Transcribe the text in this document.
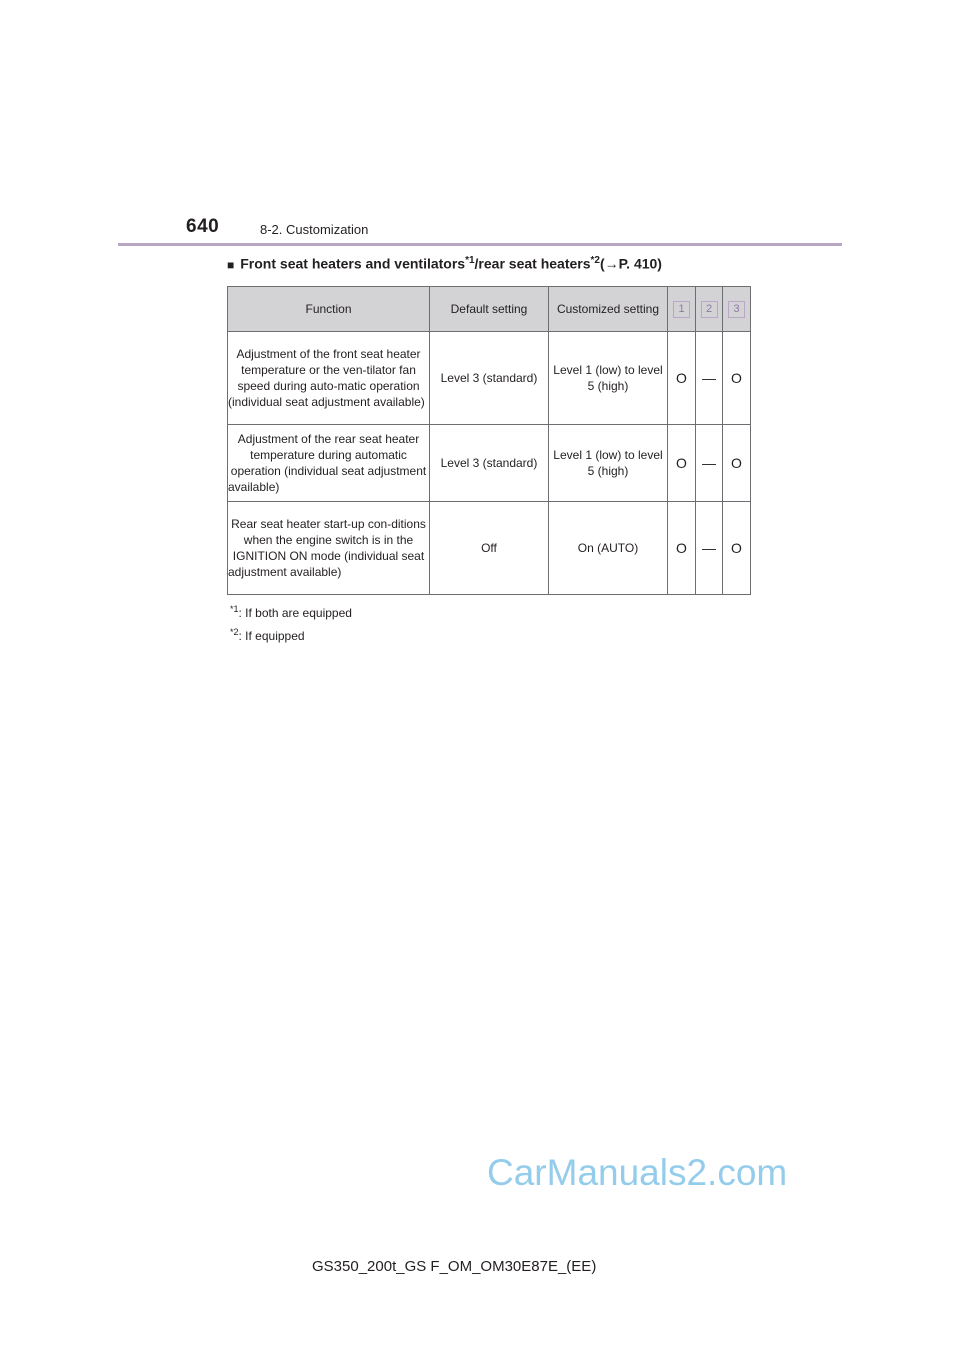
640	8-2. Customization
■ Front seat heaters and ventilators$^{*1}$/rear seat heaters$^{*2}$(→P. 410)
Function	Default setting	Customized setting	1	2	3
Adjustment of the front seat heater temperature or the ven-tilator fan speed during auto-matic operation (individual seat adjustment available)	Level 3 (standard)	Level 1 (low) to level 5 (high)	O	—	O
Adjustment of the rear seat heater temperature during automatic operation (individual seat adjustment available)	Level 3 (standard)	Level 1 (low) to level 5 (high)	O	—	O
Rear seat heater start-up con-ditions when the engine switch is in the IGNITION ON mode (individual seat adjustment available)	Off	On (AUTO)	O	—	O
$^{*1}$: If both are equipped
$^{*2}$: If equipped
CarManuals2.com
GS350_200t_GS F_OM_OM30E87E_(EE)
